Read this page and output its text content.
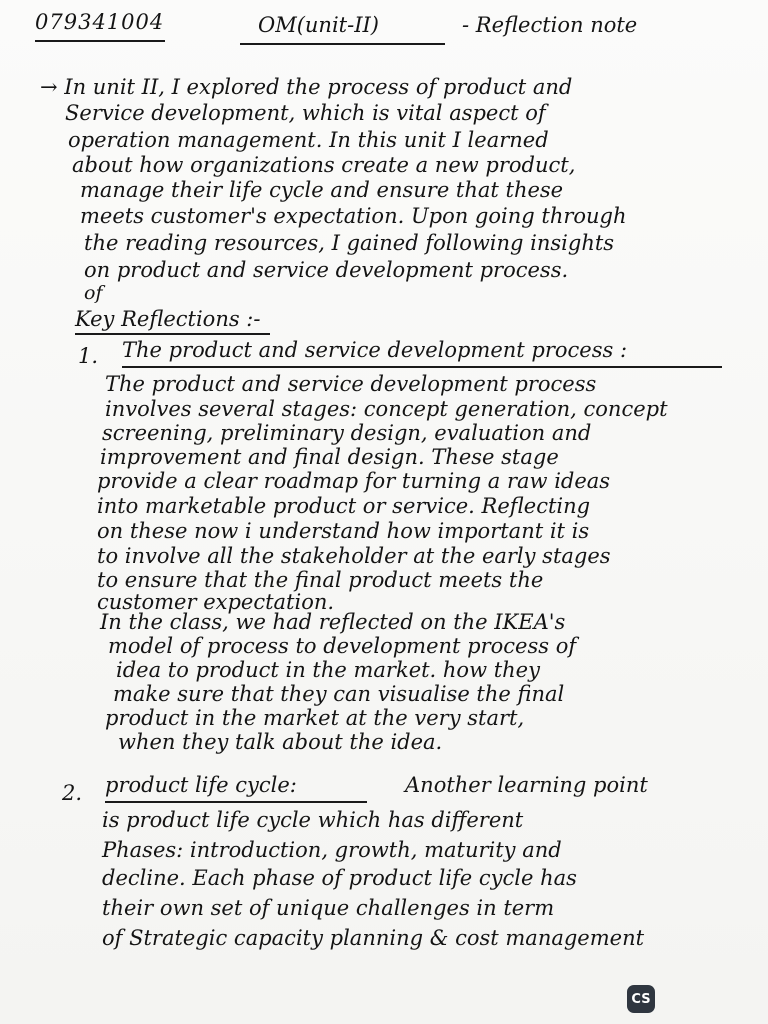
079341004	OM(unit-II)	- Reflection note
→ In unit II, I explored the process of product and
Service development, which is vital aspect of
operation management. In this unit I learned
about how organizations create a new product,
manage their life cycle and ensure that these
meets customer's expectation. Upon going through
the reading resources, I gained following insights
on product and service development process.
of
Key Reflections :-
1. The product and service development process :
The product and service development process
involves several stages: concept generation, concept
screening, preliminary design, evaluation and
improvement and final design. These stage
provide a clear roadmap for turning a raw ideas
into marketable product or service. Reflecting
on these now i understand how important it is
to involve all the stakeholder at the early stages
to ensure that the final product meets the
customer expectation.
In the class, we had reflected on the IKEA's
model of process to development process of
idea to product in the market. how they
make sure that they can visualise the final
product in the market at the very start,
when they talk about the idea.
2. product life cycle:	Another learning point
is product life cycle which has different
Phases: introduction, growth, maturity and
decline. Each phase of product life cycle has
their own set of unique challenges in term
of Strategic capacity planning & cost management
CS
